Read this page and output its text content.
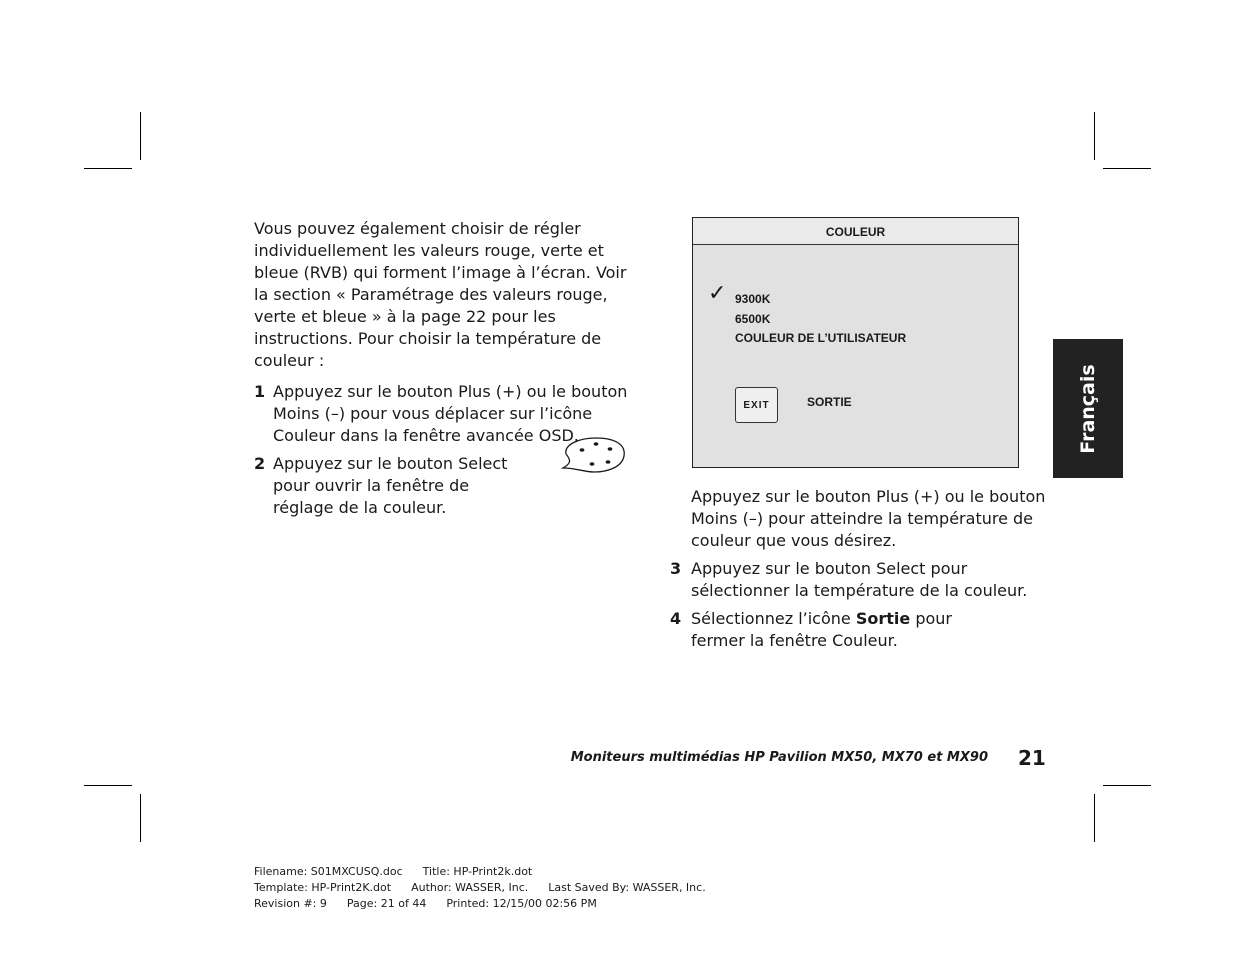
Vous pouvez également choisir de régler individuellement les valeurs rouge, verte et bleue (RVB) qui forment l’image à l’écran. Voir la section « Paramétrage des valeurs rouge, verte et bleue » à la page 22 pour les instructions. Pour choisir la température de couleur :

1 Appuyez sur le bouton Plus (+) ou le bouton Moins (–) pour vous déplacer sur l’icône Couleur dans la fenêtre avancée OSD.
2 Appuyez sur le bouton Select pour ouvrir la fenêtre de réglage de la couleur.
COULEUR
✓ 9300K
6500K
COULEUR DE L’UTILISATEUR
EXIT	SORTIE

Appuyez sur le bouton Plus (+) ou le bouton Moins (–) pour atteindre la température de couleur que vous désirez.

3 Appuyez sur le bouton Select pour sélectionner la température de la couleur.
4 Sélectionnez l’icône Sortie pour fermer la fenêtre Couleur.
Français
Moniteurs multimédias HP Pavilion MX50, MX70 et MX90 21
Filename: S01MXCUSQ.doc Title: HP-Print2k.dot
Template: HP-Print2K.dot Author: WASSER, Inc. Last Saved By: WASSER, Inc.
Revision #: 9 Page: 21 of 44 Printed: 12/15/00 02:56 PM
